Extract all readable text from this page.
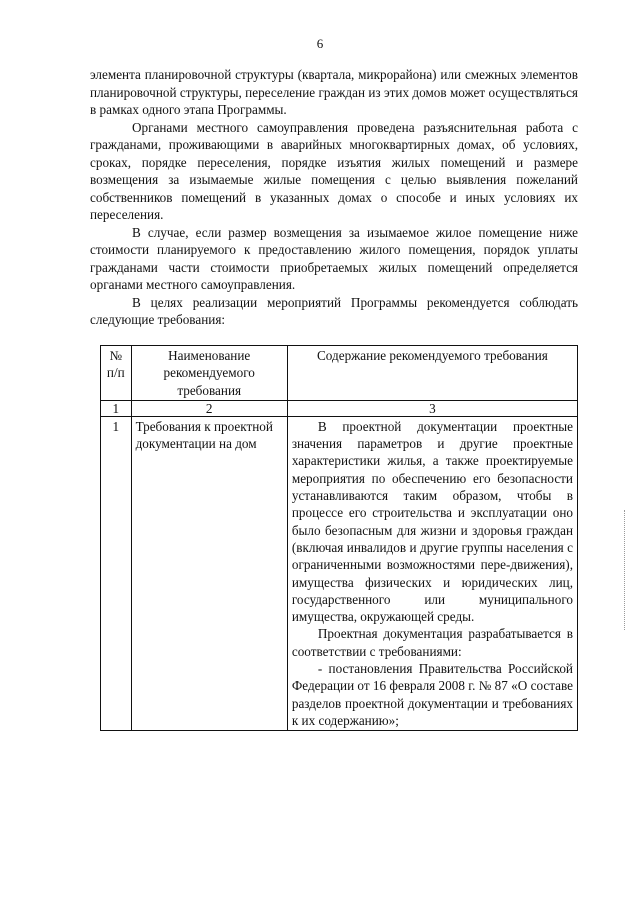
6

элемента планировочной структуры (квартала, микрорайона) или смежных элементов планировочной структуры, переселение граждан из этих домов может осуществляться в рамках одного этапа Программы.

Органами местного самоуправления проведена разъяснительная работа с гражданами, проживающими в аварийных многоквартирных домах, об условиях, сроках, порядке переселения, порядке изъятия жилых помещений и размере возмещения за изымаемые жилые помещения с целью выявления пожеланий собственников помещений в указанных домах о способе и иных условиях их переселения.

В случае, если размер возмещения за изымаемое жилое помещение ниже стоимости планируемого к предоставлению жилого помещения, порядок уплаты гражданами части стоимости приобретаемых жилых помещений определяется органами местного самоуправления.

В целях реализации мероприятий Программы рекомендуется соблюдать следующие требования:

№ п/п	Наименование рекомендуемого требования	Содержание рекомендуемого требования
1	2	3
1	Требования к проектной документации на дом	В проектной документации проектные значения параметров и другие проектные характеристики жилья, а также проектируемые мероприятия по обеспечению его безопасности устанавливаются таким образом, чтобы в процессе его строительства и эксплуатации оно было безопасным для жизни и здоровья граждан (включая инвалидов и другие группы населения с ограниченными возможностями пере-движения), имущества физических и юридических лиц, государственного или муниципального имущества, окружающей среды.

Проектная документация разрабатывается в соответствии с требованиями:

- постановления Правительства Российской Федерации от 16 февраля 2008 г. № 87 «О составе разделов проектной документации и требованиях к их содержанию»;
